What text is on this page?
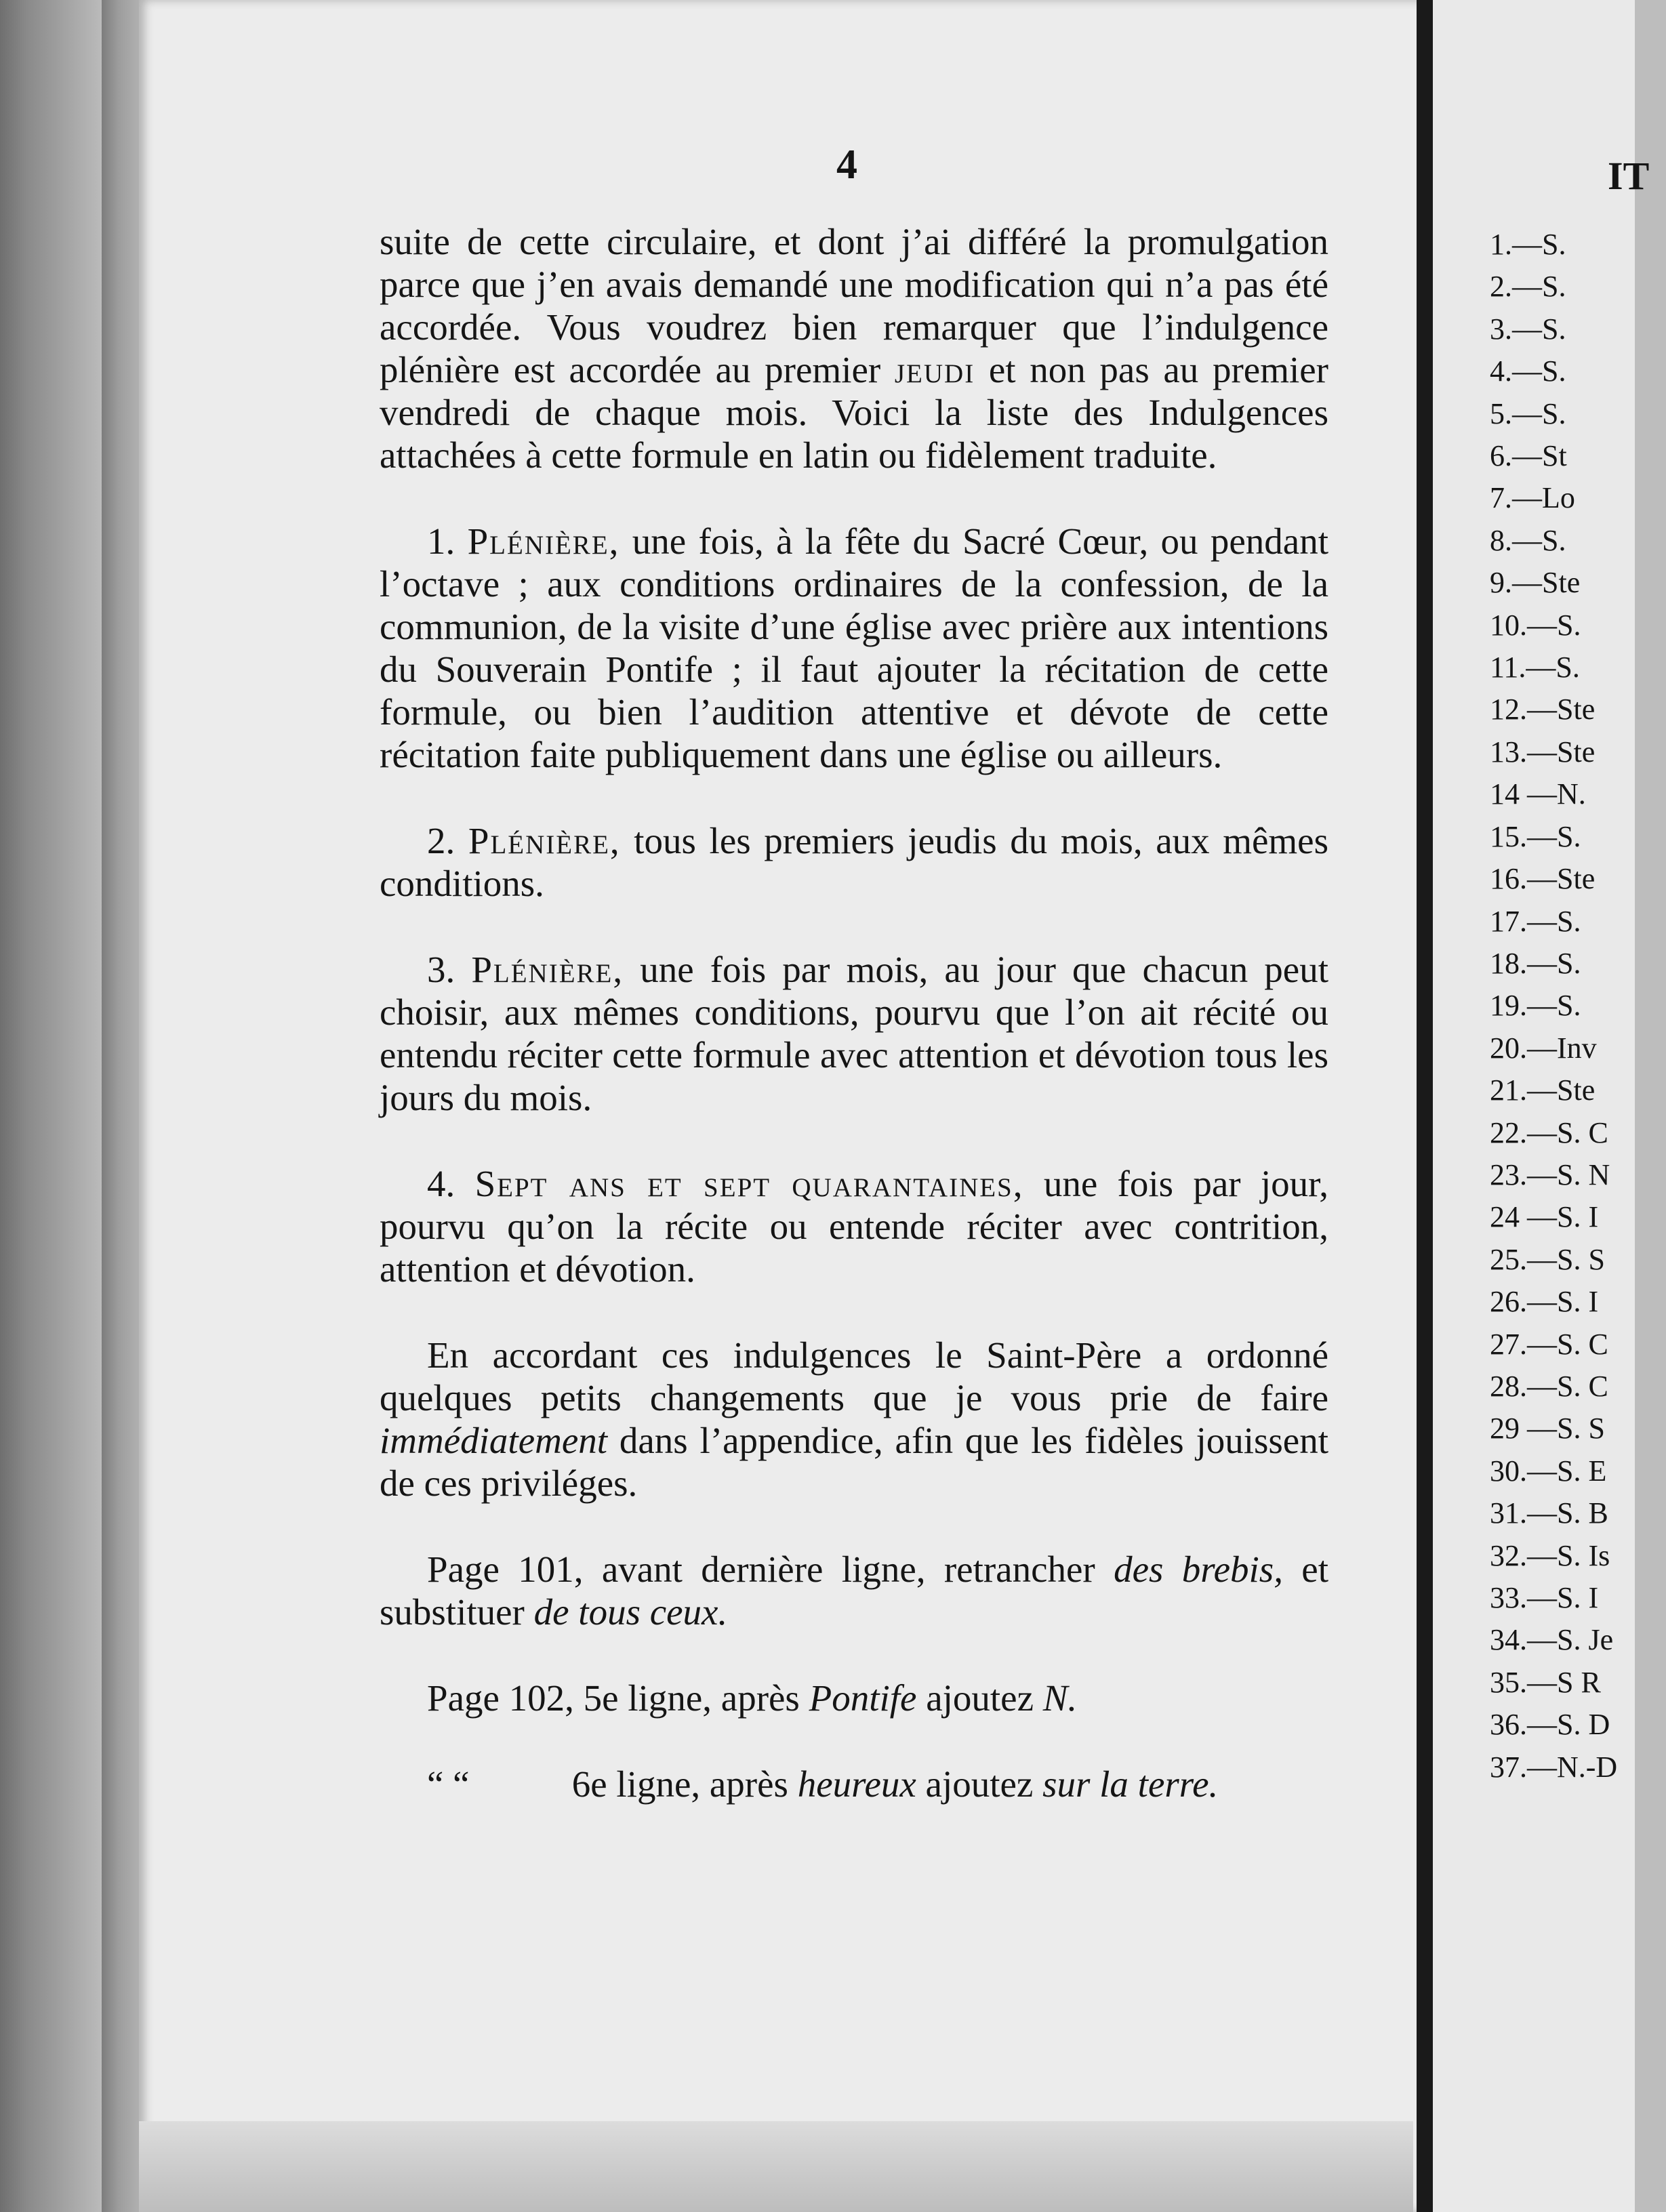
4

suite de cette circulaire, et dont j’ai différé la promulgation parce que j’en avais demandé une modification qui n’a pas été accordée. Vous voudrez bien remarquer que l’indulgence plénière est accordée au premier jeudi et non pas au premier vendredi de chaque mois. Voici la liste des Indulgences attachées à cette formule en latin ou fidèlement traduite.

1. Plénière, une fois, à la fête du Sacré Cœur, ou pendant l’octave ; aux conditions ordinaires de la confession, de la communion, de la visite d’une église avec prière aux intentions du Souverain Pontife ; il faut ajouter la récitation de cette formule, ou bien l’audition attentive et dévote de cette récitation faite publiquement dans une église ou ailleurs.

2. Plénière, tous les premiers jeudis du mois, aux mêmes conditions.

3. Plénière, une fois par mois, au jour que chacun peut choisir, aux mêmes conditions, pourvu que l’on ait récité ou entendu réciter cette formule avec attention et dévotion tous les jours du mois.

4. Sept ans et sept quarantaines, une fois par jour, pourvu qu’on la récite ou entende réciter avec contrition, attention et dévotion.

En accordant ces indulgences le Saint-Père a ordonné quelques petits changements que je vous prie de faire immédiatement dans l’appendice, afin que les fidèles jouissent de ces priviléges.

Page 101, avant dernière ligne, retrancher des brebis, et substituer de tous ceux.

Page 102, 5e ligne, après Pontife ajoutez N.

“ “	6e ligne, après heureux ajoutez sur la terre.

IT
1.—S.
2.—S.
3.—S.
4.—S.
5.—S.
6.—St
7.—Lo
8.—S.
9.—Ste
10.—S.
11.—S.
12.—Ste
13.—Ste
14 —N.
15.—S.
16.—Ste
17.—S.
18.—S.
19.—S.
20.—Inv
21.—Ste
22.—S. C
23.—S. N
24 —S. I
25.—S. S
26.—S. I
27.—S. C
28.—S. C
29 —S. S
30.—S. E
31.—S. B
32.—S. Is
33.—S. I
34.—S. Je
35.—S R
36.—S. D
37.—N.-D
